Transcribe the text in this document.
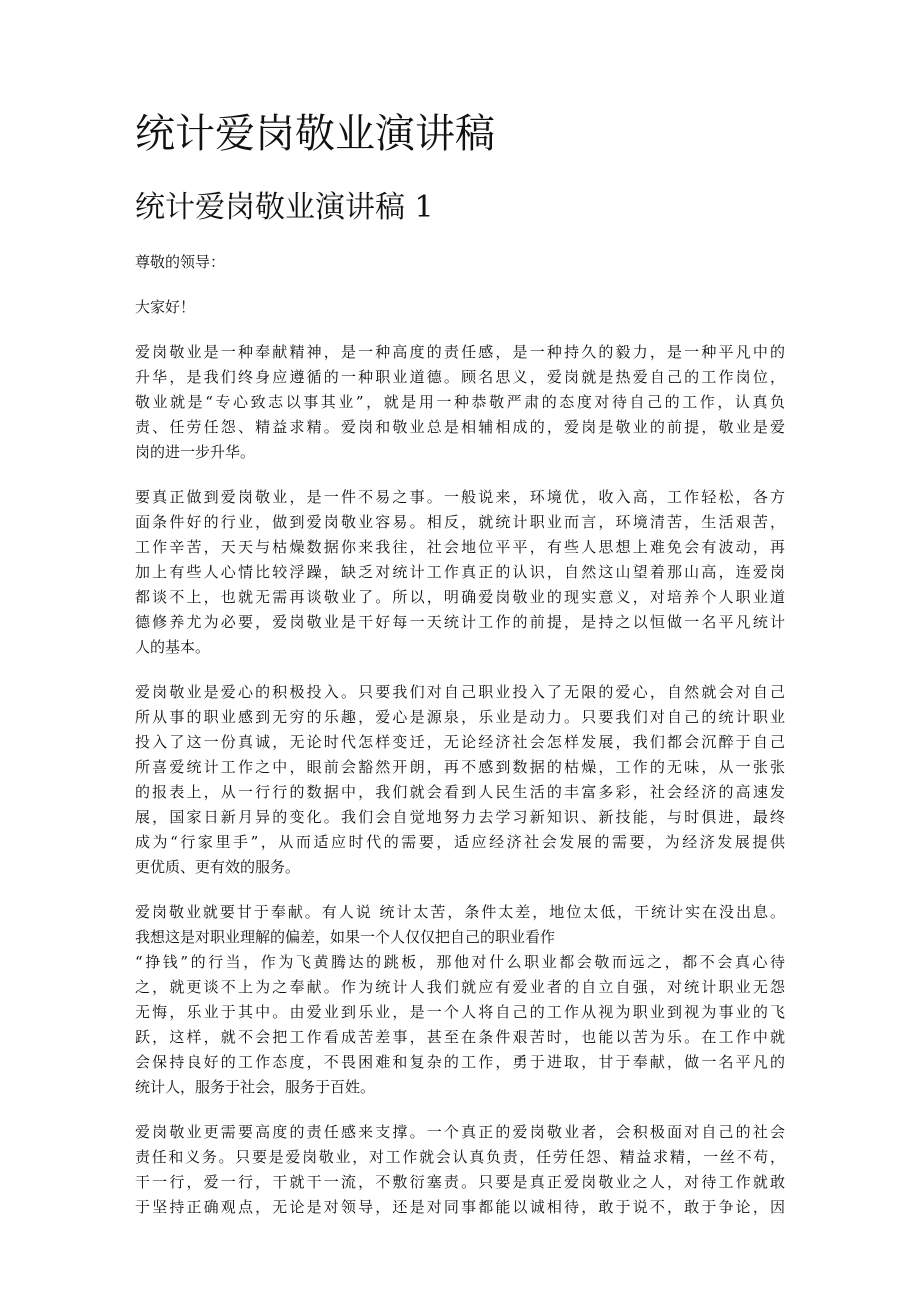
统计爱岗敬业演讲稿
统计爱岗敬业演讲稿 1
尊敬的领导：
大家好！
爱岗敬业是一种奉献精神，是一种高度的责任感，是一种持久的毅力，是一种平凡中的
升华，是我们终身应遵循的一种职业道德。顾名思义，爱岗就是热爱自己的工作岗位，
敬业就是“专心致志以事其业”，就是用一种恭敬严肃的态度对待自己的工作，认真负
责、任劳任怨、精益求精。爱岗和敬业总是相辅相成的，爱岗是敬业的前提，敬业是爱
岗的进一步升华。
要真正做到爱岗敬业，是一件不易之事。一般说来，环境优，收入高，工作轻松，各方
面条件好的行业，做到爱岗敬业容易。相反，就统计职业而言，环境清苦，生活艰苦，
工作辛苦，天天与枯燥数据你来我往，社会地位平平，有些人思想上难免会有波动，再
加上有些人心情比较浮躁，缺乏对统计工作真正的认识，自然这山望着那山高，连爱岗
都谈不上，也就无需再谈敬业了。所以，明确爱岗敬业的现实意义，对培养个人职业道
德修养尤为必要，爱岗敬业是干好每一天统计工作的前提，是持之以恒做一名平凡统计
人的基本。
爱岗敬业是爱心的积极投入。只要我们对自己职业投入了无限的爱心，自然就会对自己
所从事的职业感到无穷的乐趣，爱心是源泉，乐业是动力。只要我们对自己的统计职业
投入了这一份真诚，无论时代怎样变迁，无论经济社会怎样发展，我们都会沉醉于自己
所喜爱统计工作之中，眼前会豁然开朗，再不感到数据的枯燥，工作的无味，从一张张
的报表上，从一行行的数据中，我们就会看到人民生活的丰富多彩，社会经济的高速发
展，国家日新月异的变化。我们会自觉地努力去学习新知识、新技能，与时俱进，最终
成为“行家里手”，从而适应时代的需要，适应经济社会发展的需要，为经济发展提供
更优质、更有效的服务。
爱岗敬业就要甘于奉献。有人说 统计太苦，条件太差，地位太低，干统计实在没出息。
我想这是对职业理解的偏差，如果一个人仅仅把自己的职业看作
“挣钱”的行当，作为飞黄腾达的跳板，那他对什么职业都会敬而远之，都不会真心待
之，就更谈不上为之奉献。作为统计人我们就应有爱业者的自立自强，对统计职业无怨
无悔，乐业于其中。由爱业到乐业，是一个人将自己的工作从视为职业到视为事业的飞
跃，这样，就不会把工作看成苦差事，甚至在条件艰苦时，也能以苦为乐。在工作中就
会保持良好的工作态度，不畏困难和复杂的工作，勇于进取，甘于奉献，做一名平凡的
统计人，服务于社会，服务于百姓。
爱岗敬业更需要高度的责任感来支撑。一个真正的爱岗敬业者，会积极面对自己的社会
责任和义务。只要是爱岗敬业，对工作就会认真负责，任劳任怨、精益求精，一丝不苟，
干一行，爱一行，干就干一流，不敷衍塞责。只要是真正爱岗敬业之人，对待工作就敢
于坚持正确观点，无论是对领导，还是对同事都能以诚相待，敢于说不，敢于争论，因
